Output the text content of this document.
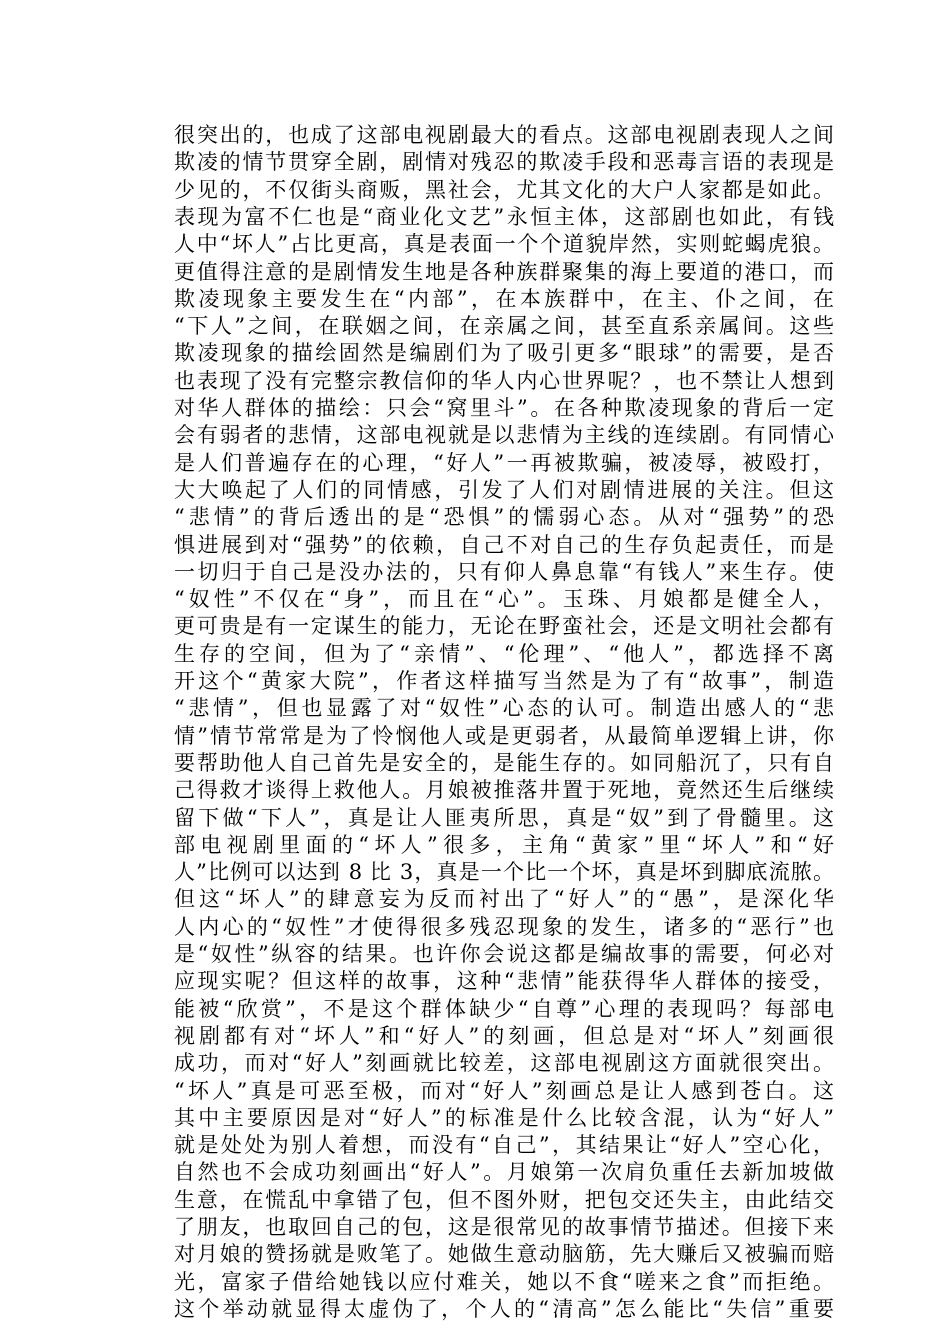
很突出的，也成了这部电视剧最大的看点。这部电视剧表现人之间
欺凌的情节贯穿全剧，剧情对残忍的欺凌手段和恶毒言语的表现是
少见的，不仅街头商贩，黑社会，尤其文化的大户人家都是如此。
表现为富不仁也是“商业化文艺”永恒主体，这部剧也如此，有钱
人中“坏人”占比更高，真是表面一个个道貌岸然，实则蛇蝎虎狼。
更值得注意的是剧情发生地是各种族群聚集的海上要道的港口，而
欺凌现象主要发生在“内部”，在本族群中，在主、仆之间，在
“下人”之间，在联姻之间，在亲属之间，甚至直系亲属间。这些
欺凌现象的描绘固然是编剧们为了吸引更多“眼球”的需要，是否
也表现了没有完整宗教信仰的华人内心世界呢？，也不禁让人想到
对华人群体的描绘：只会“窝里斗”。在各种欺凌现象的背后一定
会有弱者的悲情，这部电视就是以悲情为主线的连续剧。有同情心
是人们普遍存在的心理，“好人”一再被欺骗，被凌辱，被殴打，
大大唤起了人们的同情感，引发了人们对剧情进展的关注。但这
“悲情”的背后透出的是“恐惧”的懦弱心态。从对“强势”的恐
惧进展到对“强势”的依赖，自己不对自己的生存负起责任，而是
一切归于自己是没办法的，只有仰人鼻息靠“有钱人”来生存。使
“奴性”不仅在“身”，而且在“心”。玉珠、月娘都是健全人，
更可贵是有一定谋生的能力，无论在野蛮社会，还是文明社会都有
生存的空间，但为了“亲情”、“伦理”、“他人”，都选择不离
开这个“黄家大院”，作者这样描写当然是为了有“故事”，制造
“悲情”，但也显露了对“奴性”心态的认可。制造出感人的“悲
情”情节常常是为了怜悯他人或是更弱者，从最简单逻辑上讲，你
要帮助他人自己首先是安全的，是能生存的。如同船沉了，只有自
己得救才谈得上救他人。月娘被推落井置于死地，竟然还生后继续
留下做“下人”，真是让人匪夷所思，真是“奴”到了骨髓里。这
部电视剧里面的“坏人”很多，主角“黄家”里“坏人”和“好
人”比例可以达到 8 比 3，真是一个比一个坏，真是坏到脚底流脓。
但这“坏人”的肆意妄为反而衬出了“好人”的“愚”，是深化华
人内心的“奴性”才使得很多残忍现象的发生，诸多的“恶行”也
是“奴性”纵容的结果。也许你会说这都是编故事的需要，何必对
应现实呢？但这样的故事，这种“悲情”能获得华人群体的接受，
能被“欣赏”，不是这个群体缺少“自尊”心理的表现吗？每部电
视剧都有对“坏人”和“好人”的刻画，但总是对“坏人”刻画很
成功，而对“好人”刻画就比较差，这部电视剧这方面就很突出。
“坏人”真是可恶至极，而对“好人”刻画总是让人感到苍白。这
其中主要原因是对“好人”的标准是什么比较含混，认为“好人”
就是处处为别人着想，而没有“自己”，其结果让“好人”空心化，
自然也不会成功刻画出“好人”。月娘第一次肩负重任去新加坡做
生意，在慌乱中拿错了包，但不图外财，把包交还失主，由此结交
了朋友，也取回自己的包，这是很常见的故事情节描述。但接下来
对月娘的赞扬就是败笔了。她做生意动脑筋，先大赚后又被骗而赔
光，富家子借给她钱以应付难关，她以不食“嗟来之食”而拒绝。
这个举动就显得太虚伪了，个人的“清高”怎么能比“失信”重要
